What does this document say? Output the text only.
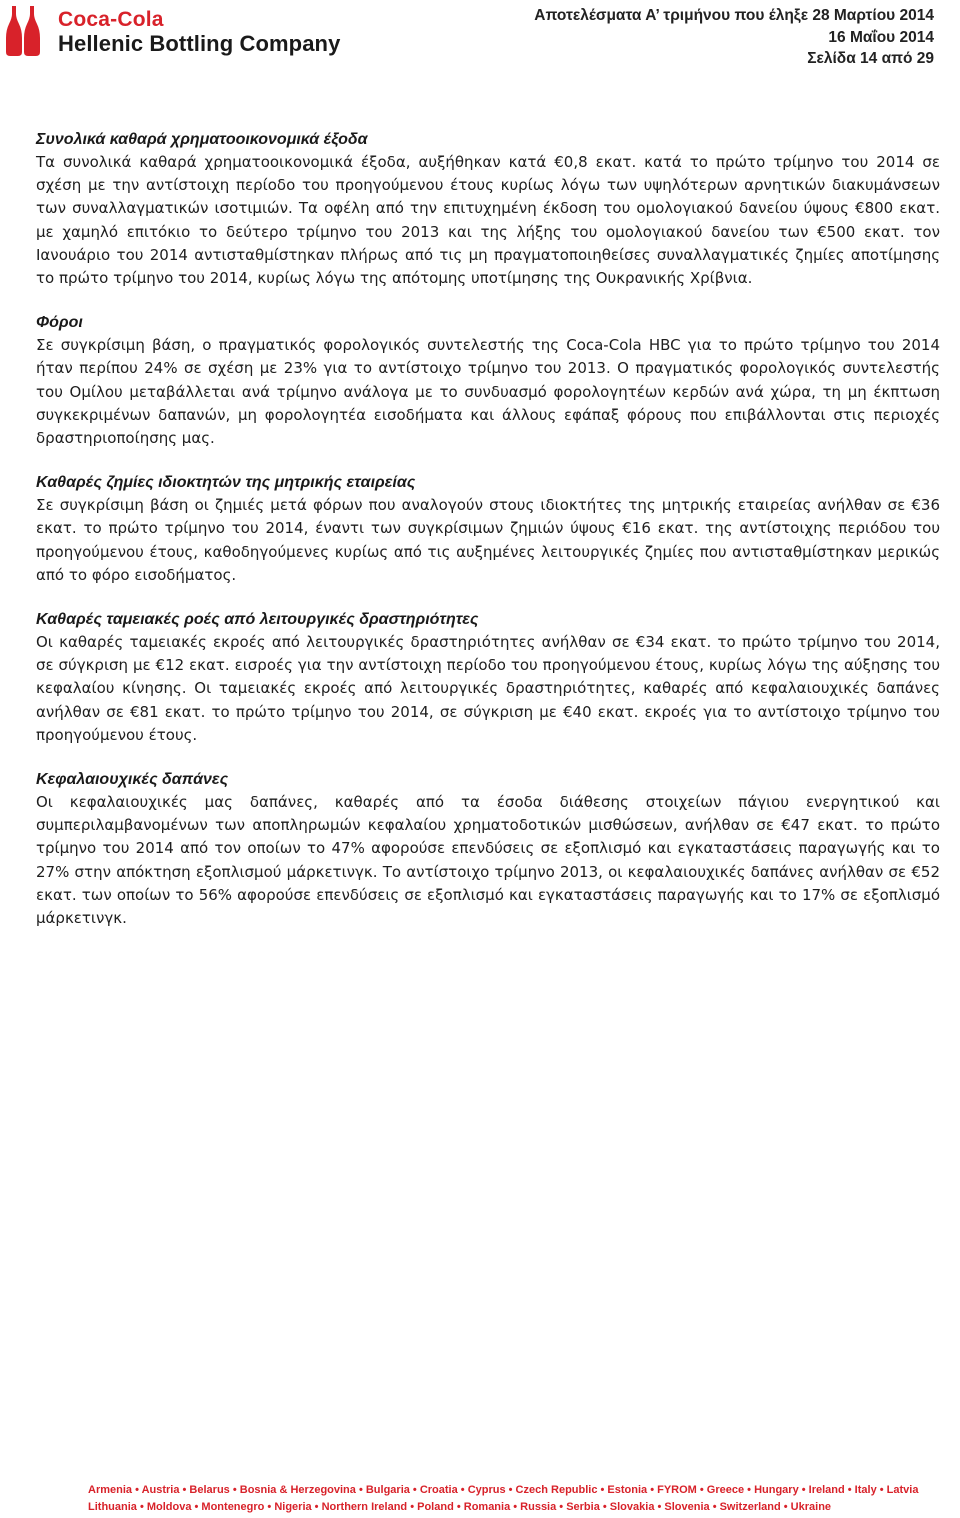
Coca-Cola
Hellenic Bottling Company
Αποτελέσματα Α’ τριμήνου που έληξε 28 Μαρτίου 2014
16 Μαΐου 2014
Σελίδα 14 από 29

Συνολικά καθαρά χρηματοοικονομικά έξοδα

Τα συνολικά καθαρά χρηματοοικονομικά έξοδα, αυξήθηκαν κατά €0,8 εκατ. κατά το πρώτο τρίμηνο του 2014 σε σχέση με την αντίστοιχη περίοδο του προηγούμενου έτους κυρίως λόγω των υψηλότερων αρνητικών διακυμάνσεων των συναλλαγματικών ισοτιμιών. Τα οφέλη από την επιτυχημένη έκδοση του ομολογιακού δανείου ύψους €800 εκατ. με χαμηλό επιτόκιο το δεύτερο τρίμηνο του 2013 και της λήξης του ομολογιακού δανείου των €500 εκατ. τον Ιανουάριο του 2014 αντισταθμίστηκαν πλήρως από τις μη πραγματοποιηθείσες συναλλαγματικές ζημίες αποτίμησης το πρώτο τρίμηνο του 2014, κυρίως λόγω της απότομης υποτίμησης της Ουκρανικής Χρίβνια.

Φόροι

Σε συγκρίσιμη βάση, ο πραγματικός φορολογικός συντελεστής της Coca-Cola HBC για το πρώτο τρίμηνο του 2014 ήταν περίπου 24% σε σχέση με 23% για το αντίστοιχο τρίμηνο του 2013. Ο πραγματικός φορολογικός συντελεστής του Ομίλου μεταβάλλεται ανά τρίμηνο ανάλογα με το συνδυασμό φορολογητέων κερδών ανά χώρα, τη μη έκπτωση συγκεκριμένων δαπανών, μη φορολογητέα εισοδήματα και άλλους εφάπαξ φόρους που επιβάλλονται στις περιοχές δραστηριοποίησης μας.

Καθαρές ζημίες ιδιοκτητών της μητρικής εταιρείας

Σε συγκρίσιμη βάση οι ζημιές μετά φόρων που αναλογούν στους ιδιοκτήτες της μητρικής εταιρείας ανήλθαν σε €36 εκατ. το πρώτο τρίμηνο του 2014, έναντι των συγκρίσιμων ζημιών ύψους €16 εκατ. της αντίστοιχης περιόδου του προηγούμενου έτους, καθοδηγούμενες κυρίως από τις αυξημένες λειτουργικές ζημίες που αντισταθμίστηκαν μερικώς από το φόρο εισοδήματος.

Καθαρές ταμειακές ροές από λειτουργικές δραστηριότητες

Οι καθαρές ταμειακές εκροές από λειτουργικές δραστηριότητες ανήλθαν σε €34 εκατ. το πρώτο τρίμηνο του 2014, σε σύγκριση με €12 εκατ. εισροές για την αντίστοιχη περίοδο του προηγούμενου έτους, κυρίως λόγω της αύξησης του κεφαλαίου κίνησης. Οι ταμειακές εκροές από λειτουργικές δραστηριότητες, καθαρές από κεφαλαιουχικές δαπάνες ανήλθαν σε €81 εκατ. το πρώτο τρίμηνο του 2014, σε σύγκριση με €40 εκατ. εκροές για το αντίστοιχο τρίμηνο του προηγούμενου έτους.

Κεφαλαιουχικές δαπάνες

Οι κεφαλαιουχικές μας δαπάνες, καθαρές από τα έσοδα διάθεσης στοιχείων πάγιου ενεργητικού και συμπεριλαμβανομένων των αποπληρωμών κεφαλαίου χρηματοδοτικών μισθώσεων, ανήλθαν σε €47 εκατ. το πρώτο τρίμηνο του 2014 από τον οποίων το 47% αφορούσε επενδύσεις σε εξοπλισμό και εγκαταστάσεις παραγωγής και το 27% στην απόκτηση εξοπλισμού μάρκετινγκ. Το αντίστοιχο τρίμηνο 2013, οι κεφαλαιουχικές δαπάνες ανήλθαν σε €52 εκατ. των οποίων το 56% αφορούσε επενδύσεις σε εξοπλισμό και εγκαταστάσεις παραγωγής και το 17% σε εξοπλισμό μάρκετινγκ.

Armenia • Austria • Belarus • Bosnia & Herzegovina • Bulgaria • Croatia • Cyprus • Czech Republic • Estonia • FYROM • Greece • Hungary • Ireland • Italy • Latvia
Lithuania • Moldova • Montenegro • Nigeria • Northern Ireland • Poland • Romania • Russia • Serbia • Slovakia • Slovenia • Switzerland • Ukraine
